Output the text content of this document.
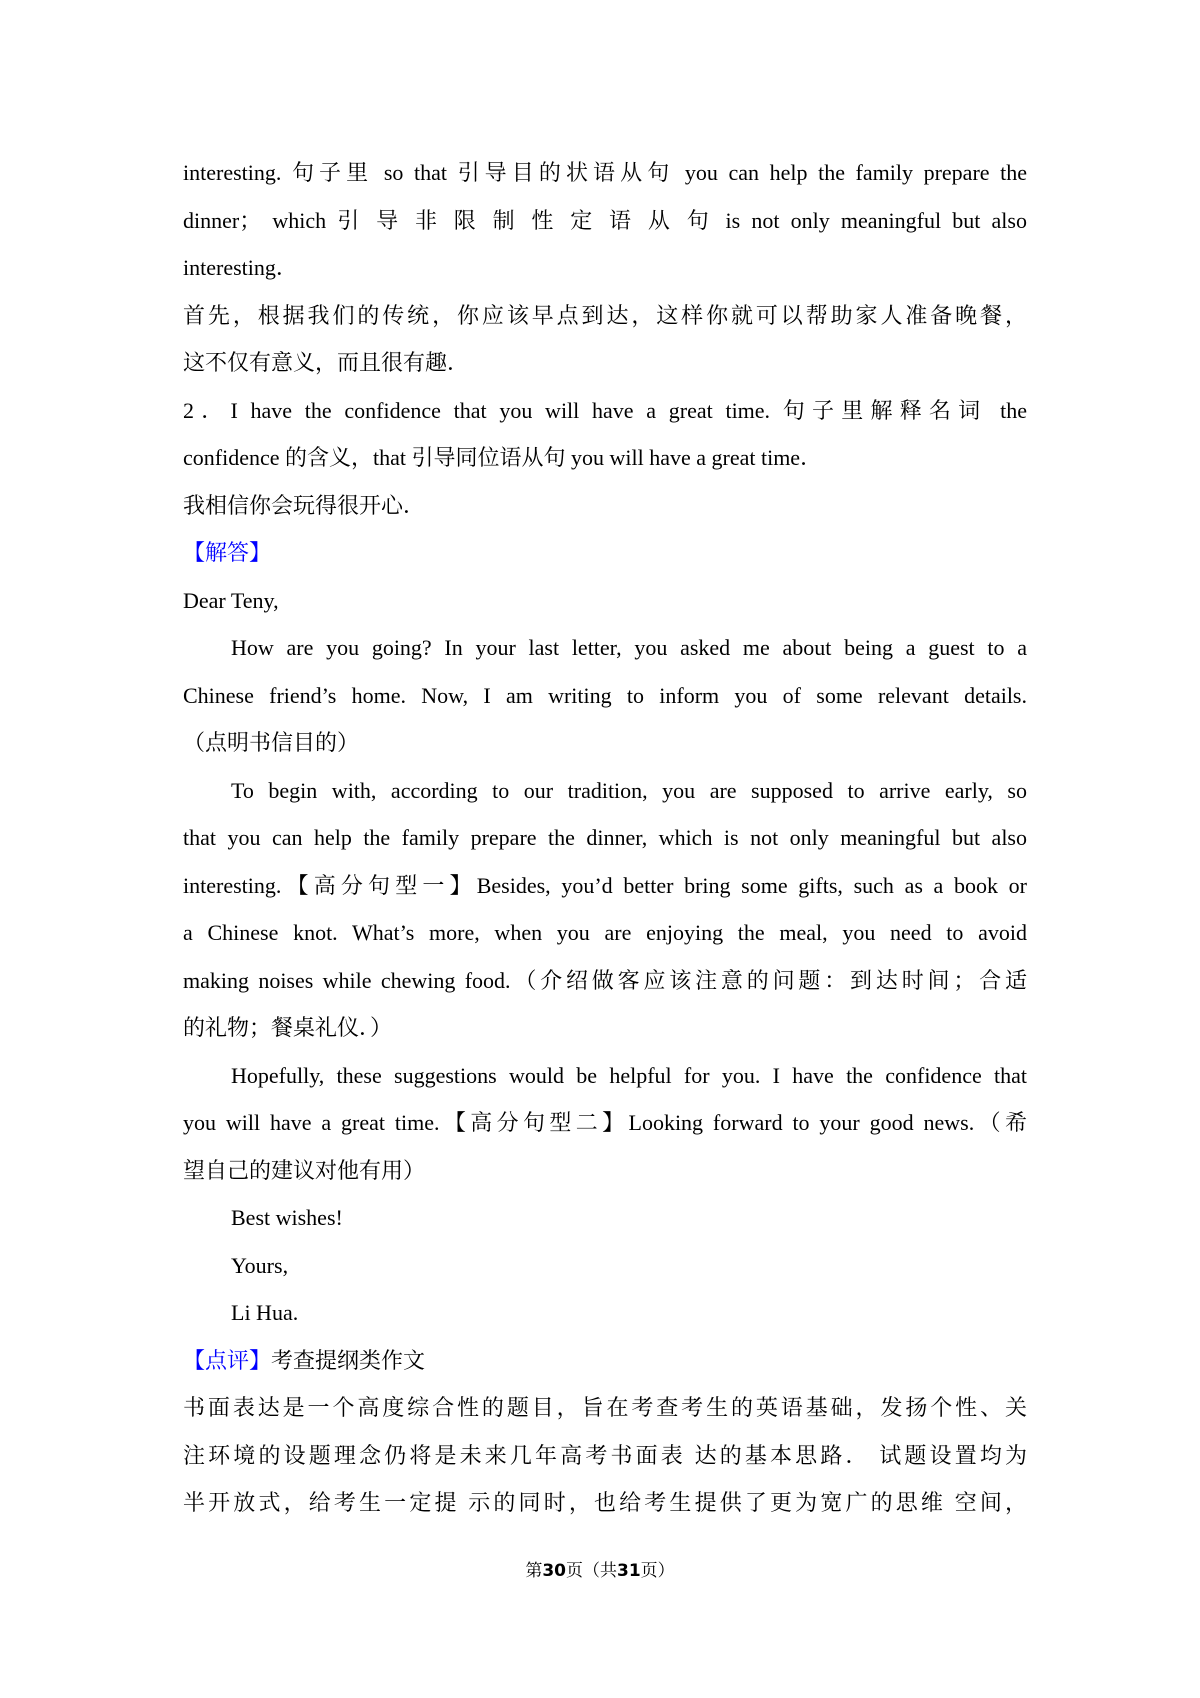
interesting. 句子里 so that 引导目的状语从句 you can help the family prepare the
dinner； which 引 导 非 限 制 性 定 语 从 句 is not only meaningful but also
interesting．
首先，根据我们的传统，你应该早点到达，这样你就可以帮助家人准备晚餐，
这不仅有意义，而且很有趣．
2．I have the confidence that you will have a great time. 句子里解释名词 the
confidence 的含义，that 引导同位语从句 you will have a great time．
我相信你会玩得很开心．
【解答】
Dear Teny,
How are you going? In your last letter, you asked me about being a guest to a
Chinese friend’s home. Now, I am writing to inform you of some relevant details.
（点明书信目的）
To begin with, according to our tradition, you are supposed to arrive early, so
that you can help the family prepare the dinner, which is not only meaningful but also
interesting.【高分句型一】Besides, you’d better bring some gifts, such as a book or
a Chinese knot. What’s more, when you are enjoying the meal, you need to avoid
making noises while chewing food.（介绍做客应该注意的问题：到达时间；合适
的礼物；餐桌礼仪．）
Hopefully, these suggestions would be helpful for you. I have the confidence that
you will have a great time.【高分句型二】Looking forward to your good news.（希
望自己的建议对他有用）
Best wishes!
Yours,
Li Hua.
【点评】考查提纲类作文
书面表达是一个高度综合性的题目，旨在考查考生的英语基础，发扬个性、关
注环境的设题理念仍将是未来几年高考书面表 达的基本思路． 试题设置均为
半开放式，给考生一定提 示的同时，也给考生提供了更为宽广的思维 空间，
第30页（共31页）
